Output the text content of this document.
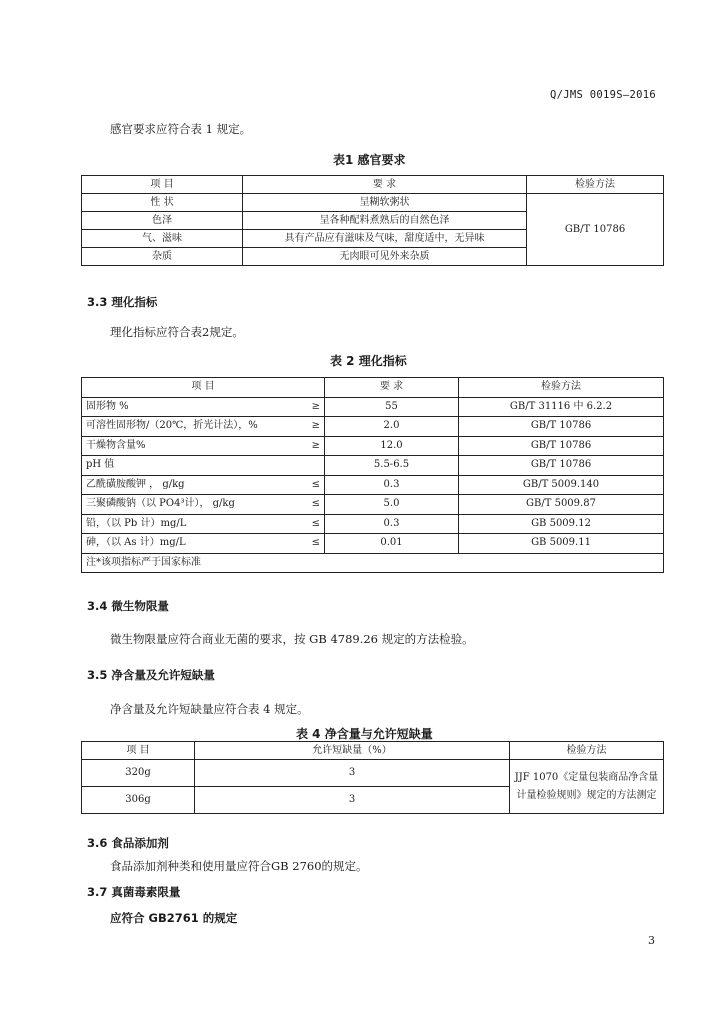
Q/JMS 0019S—2016
感官要求应符合表 1 规定。
表1 感官要求
项 目	要 求	检验方法
性 状	呈糊软粥状	GB/T 10786
色泽	呈各种配料煮熟后的自然色泽	
气、滋味	具有产品应有滋味及气味，甜度适中，无异味	
杂质	无肉眼可见外来杂质	
3.3 理化指标
理化指标应符合表2规定。
表 2 理化指标
项 目		要 求	检验方法
固形物 %	≥	55	GB/T 31116 中 6.2.2
可溶性固形物/（20℃，折光计法），%	≥	2.0	GB/T 10786
干燥物含量%	≥	12.0	GB/T 10786
pH 值		5.5-6.5	GB/T 10786
乙酰磺胺酸钾 ， g/kg	≤	0.3	GB/T 5009.140
三聚磷酸钠（以 PO4³计）， g/kg	≤	5.0	GB/T 5009.87
铅，（以 Pb 计）mg/L	≤	0.3	GB 5009.12
砷，（以 As 计）mg/L	≤	0.01	GB 5009.11
注*该项指标严于国家标准			
3.4 微生物限量
微生物限量应符合商业无菌的要求，按 GB 4789.26 规定的方法检验。
3.5 净含量及允许短缺量
净含量及允许短缺量应符合表 4 规定。
表 4 净含量与允许短缺量
项 目	允许短缺量（%）	检验方法
320g	3	JJF 1070《定量包装商品净含量计量检验规则》规定的方法测定
306g	3	
3.6 食品添加剂
食品添加剂种类和使用量应符合GB 2760的规定。
3.7 真菌毒素限量
应符合 GB2761 的规定
3
